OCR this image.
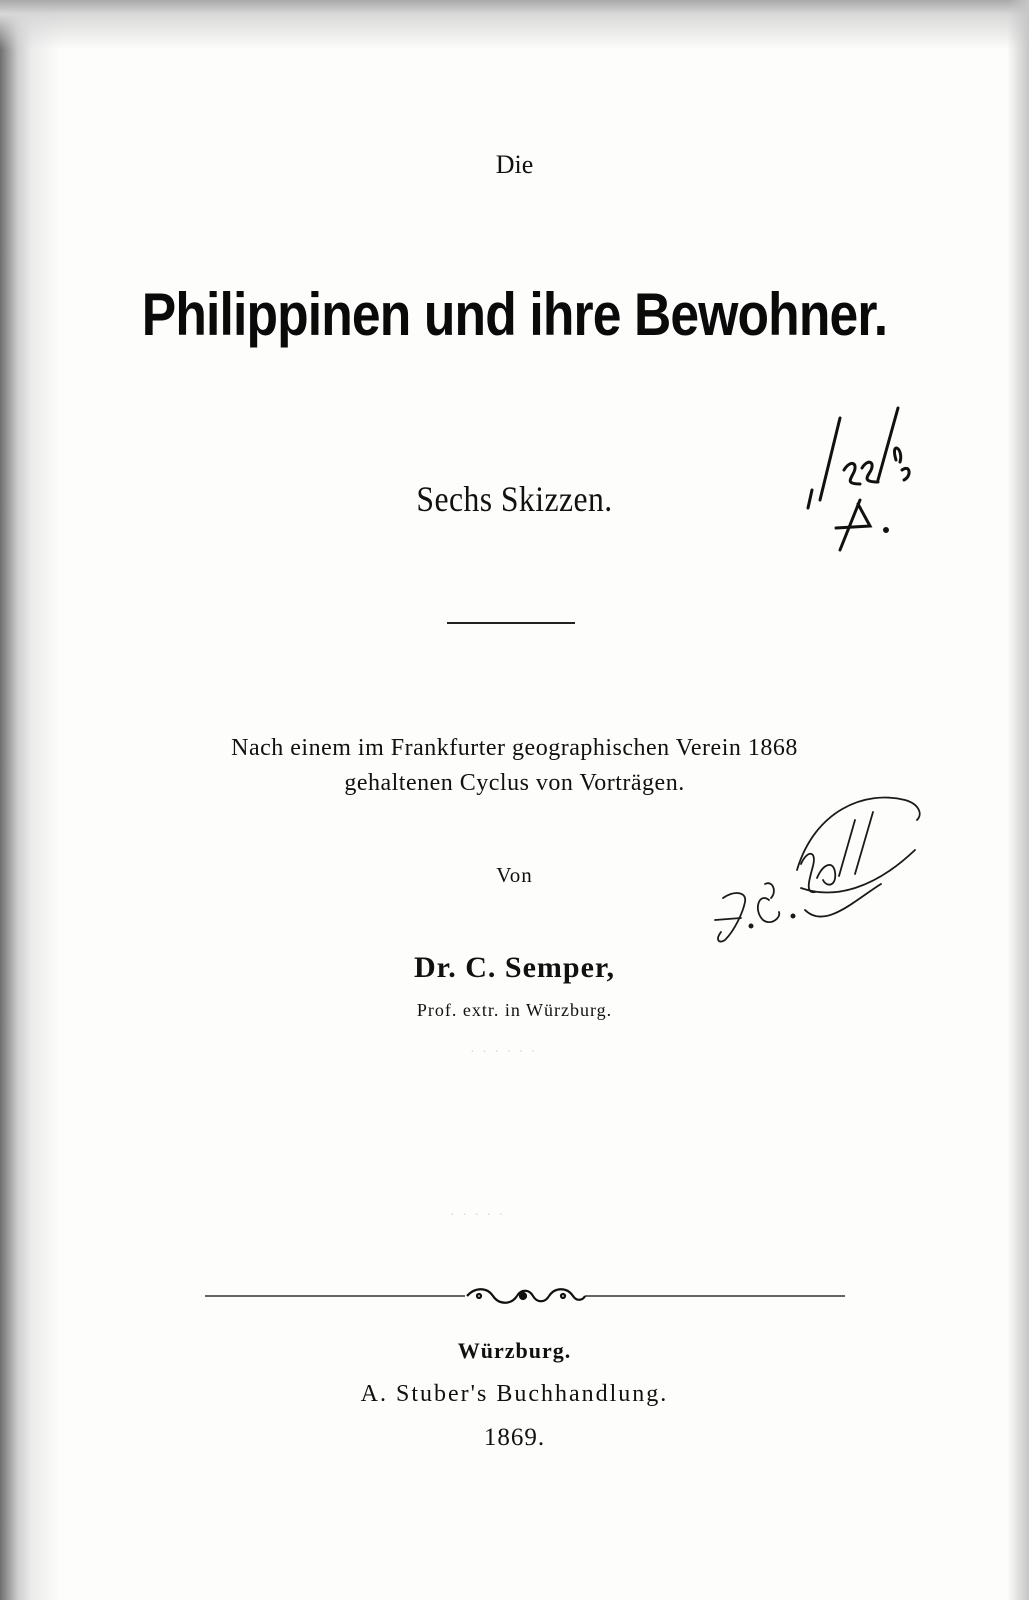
Die
Philippinen und ihre Bewohner.
Sechs Skizzen.
Nach einem im Frankfurter geographischen Verein 1868
gehaltenen Cyclus von Vorträgen.
Von
Dr. C. Semper,
Prof. extr. in Würzburg.
· · · · · ·
· · · · ·
Würzburg.
A. Stuber's Buchhandlung.
1869.
